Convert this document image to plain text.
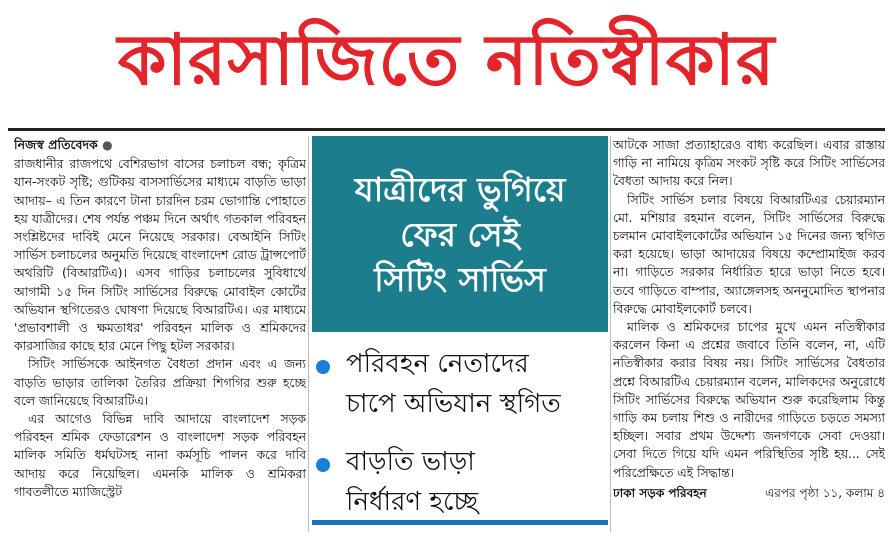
কারসাজিতে নতিস্বীকার
নিজস্ব প্রতিবেদক ●

রাজধানীর রাজপথে বেশিরভাগ বাসের চলাচল বন্ধ; কৃত্রিম যান-সংকট সৃষ্টি; গুটিকয় বাসসার্ভিসের মাধ্যমে বাড়তি ভাড়া আদায়– এ তিন কারণে টানা চারদিন চরম ভোগান্তি পোহাতে হয় যাত্রীদের। শেষ পর্যন্ত পঞ্চম দিনে অর্থাৎ গতকাল পরিবহন সংশ্লিষ্টদের দাবিই মেনে নিয়েছে সরকার। বেআইনি সিটিং সার্ভিস চলাচলের অনুমতি দিয়েছে বাংলাদেশ রোড ট্রান্সপোর্ট অথরিটি (বিআরটিএ)। এসব গাড়ির চলাচলের সুবিধার্থে আগামী ১৫ দিন সিটিং সার্ভিসের বিরুদ্ধে মোবাইল কোর্টের অভিযান স্থগিতেরও ঘোষণা দিয়েছে বিআরটিএ। এর মাধ্যমে 'প্রভাবশালী ও ক্ষমতাধর' পরিবহন মালিক ও শ্রমিকদের কারসাজির কাছে হার মেনে পিছু হটল সরকার।

সিটিং সার্ভিসকে আইনগত বৈধতা প্রদান এবং এ জন্য বাড়তি ভাড়ার তালিকা তৈরির প্রক্রিয়া শিগগির শুরু হচ্ছে বলে জানিয়েছে বিআরটিএ।

এর আগেও বিভিন্ন দাবি আদায়ে বাংলাদেশ সড়ক পরিবহন শ্রমিক ফেডারেশন ও বাংলাদেশ সড়ক পরিবহন মালিক সমিতি ধর্মঘটসহ নানা কর্মসূচি পালন করে দাবি আদায় করে নিয়েছিল। এমনকি মালিক ও শ্রমিকরা গাবতলীতে ম্যাজিস্ট্রেট

যাত্রীদের ভুগিয়ে
ফের সেই
সিটিং সার্ভিস
পরিবহন নেতাদের
চাপে অভিযান স্থগিত
বাড়তি ভাড়া
নির্ধারণ হচ্ছে

আটকে সাজা প্রত্যাহারেও বাধ্য করেছিল। এবার রাস্তায় গাড়ি না নামিয়ে কৃত্রিম সংকট সৃষ্টি করে সিটিং সার্ভিসের বৈধতা আদায় করে নিল।

সিটিং সার্ভিস চলার বিষয়ে বিআরটিএর চেয়ারম্যান মো. মশিয়ার রহমান বলেন, সিটিং সার্ভিসের বিরুদ্ধে চলমান মোবাইলকোর্টের অভিযান ১৫ দিনের জন্য স্থগিত করা হয়েছে। ভাড়া আদায়ের বিষয়ে কম্প্রোমাইজ করব না। গাড়িতে সরকার নির্ধারিত হারে ভাড়া নিতে হবে। তবে গাড়িতে বাম্পার, অ্যাঙ্গেলসহ অননুমোদিত স্থাপনার বিরুদ্ধে মোবাইলকোর্ট চলবে।

মালিক ও শ্রমিকদের চাপের মুখে এমন নতিস্বীকার করলেন কিনা এ প্রশ্নের জবাবে তিনি বলেন, না, এটি নতিস্বীকার করার বিষয় নয়। সিটিং সার্ভিসের বৈধতার প্রশ্নে বিআরটিএ চেয়ারম্যান বলেন, মালিকদের অনুরোধে সিটিং সার্ভিসের বিরুদ্ধে অভিযান শুরু করেছিলাম কিন্তু গাড়ি কম চলায় শিশু ও নারীদের গাড়িতে চড়তে সমস্যা হচ্ছিল। সবার প্রথম উদ্দেশ্য জনগণকে সেবা দেওয়া। সেবা দিতে গিয়ে যদি এমন পরিস্থিতির সৃষ্টি হয়... সেই পরিপ্রেক্ষিতে এই সিদ্ধান্ত।

ঢাকা সড়ক পরিবহন	এরপর পৃষ্ঠা ১১, কলাম ৪
